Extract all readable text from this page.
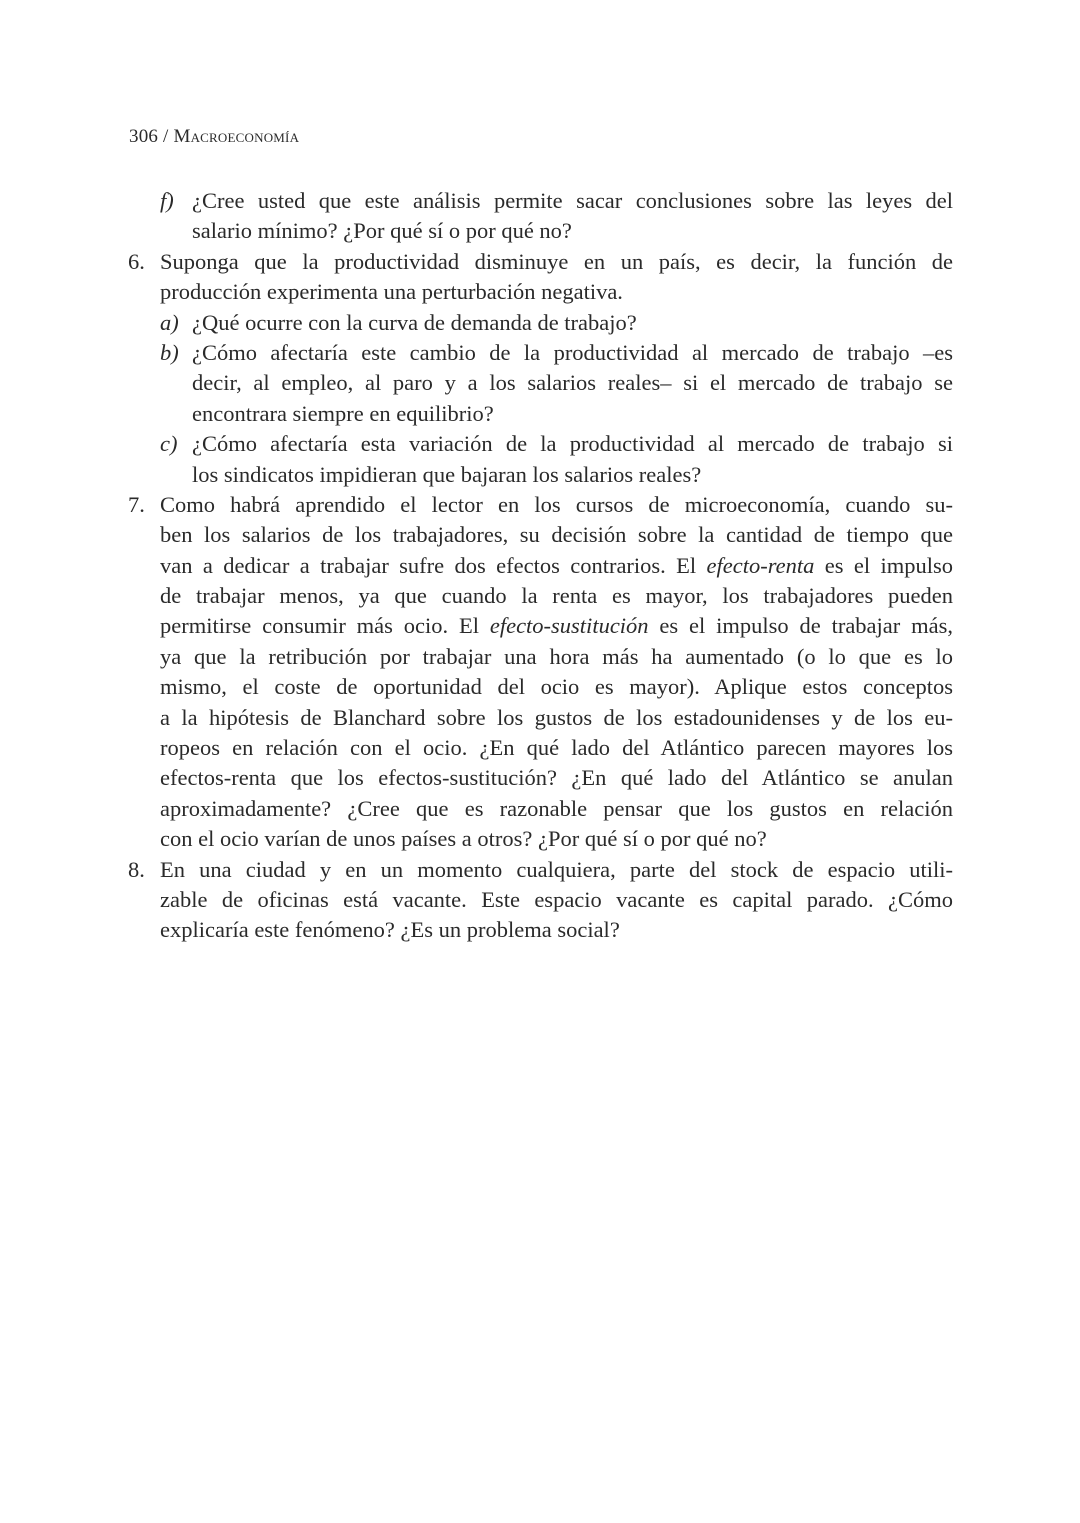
306 / Macroeconomía
f) ¿Cree usted que este análisis permite sacar conclusiones sobre las leyes del
salario mínimo? ¿Por qué sí o por qué no?
6. Suponga que la productividad disminuye en un país, es decir, la función de
producción experimenta una perturbación negativa.
a) ¿Qué ocurre con la curva de demanda de trabajo?
b) ¿Cómo afectaría este cambio de la productividad al mercado de trabajo –es
decir, al empleo, al paro y a los salarios reales– si el mercado de trabajo se
encontrara siempre en equilibrio?
c) ¿Cómo afectaría esta variación de la productividad al mercado de trabajo si
los sindicatos impidieran que bajaran los salarios reales?
7. Como habrá aprendido el lector en los cursos de microeconomía, cuando su-
ben los salarios de los trabajadores, su decisión sobre la cantidad de tiempo que
van a dedicar a trabajar sufre dos efectos contrarios. El efecto-renta es el impulso
de trabajar menos, ya que cuando la renta es mayor, los trabajadores pueden
permitirse consumir más ocio. El efecto-sustitución es el impulso de trabajar más,
ya que la retribución por trabajar una hora más ha aumentado (o lo que es lo
mismo, el coste de oportunidad del ocio es mayor). Aplique estos conceptos
a la hipótesis de Blanchard sobre los gustos de los estadounidenses y de los eu-
ropeos en relación con el ocio. ¿En qué lado del Atlántico parecen mayores los
efectos-renta que los efectos-sustitución? ¿En qué lado del Atlántico se anulan
aproximadamente? ¿Cree que es razonable pensar que los gustos en relación
con el ocio varían de unos países a otros? ¿Por qué sí o por qué no?
8. En una ciudad y en un momento cualquiera, parte del stock de espacio utili-
zable de oficinas está vacante. Este espacio vacante es capital parado. ¿Cómo
explicaría este fenómeno? ¿Es un problema social?
